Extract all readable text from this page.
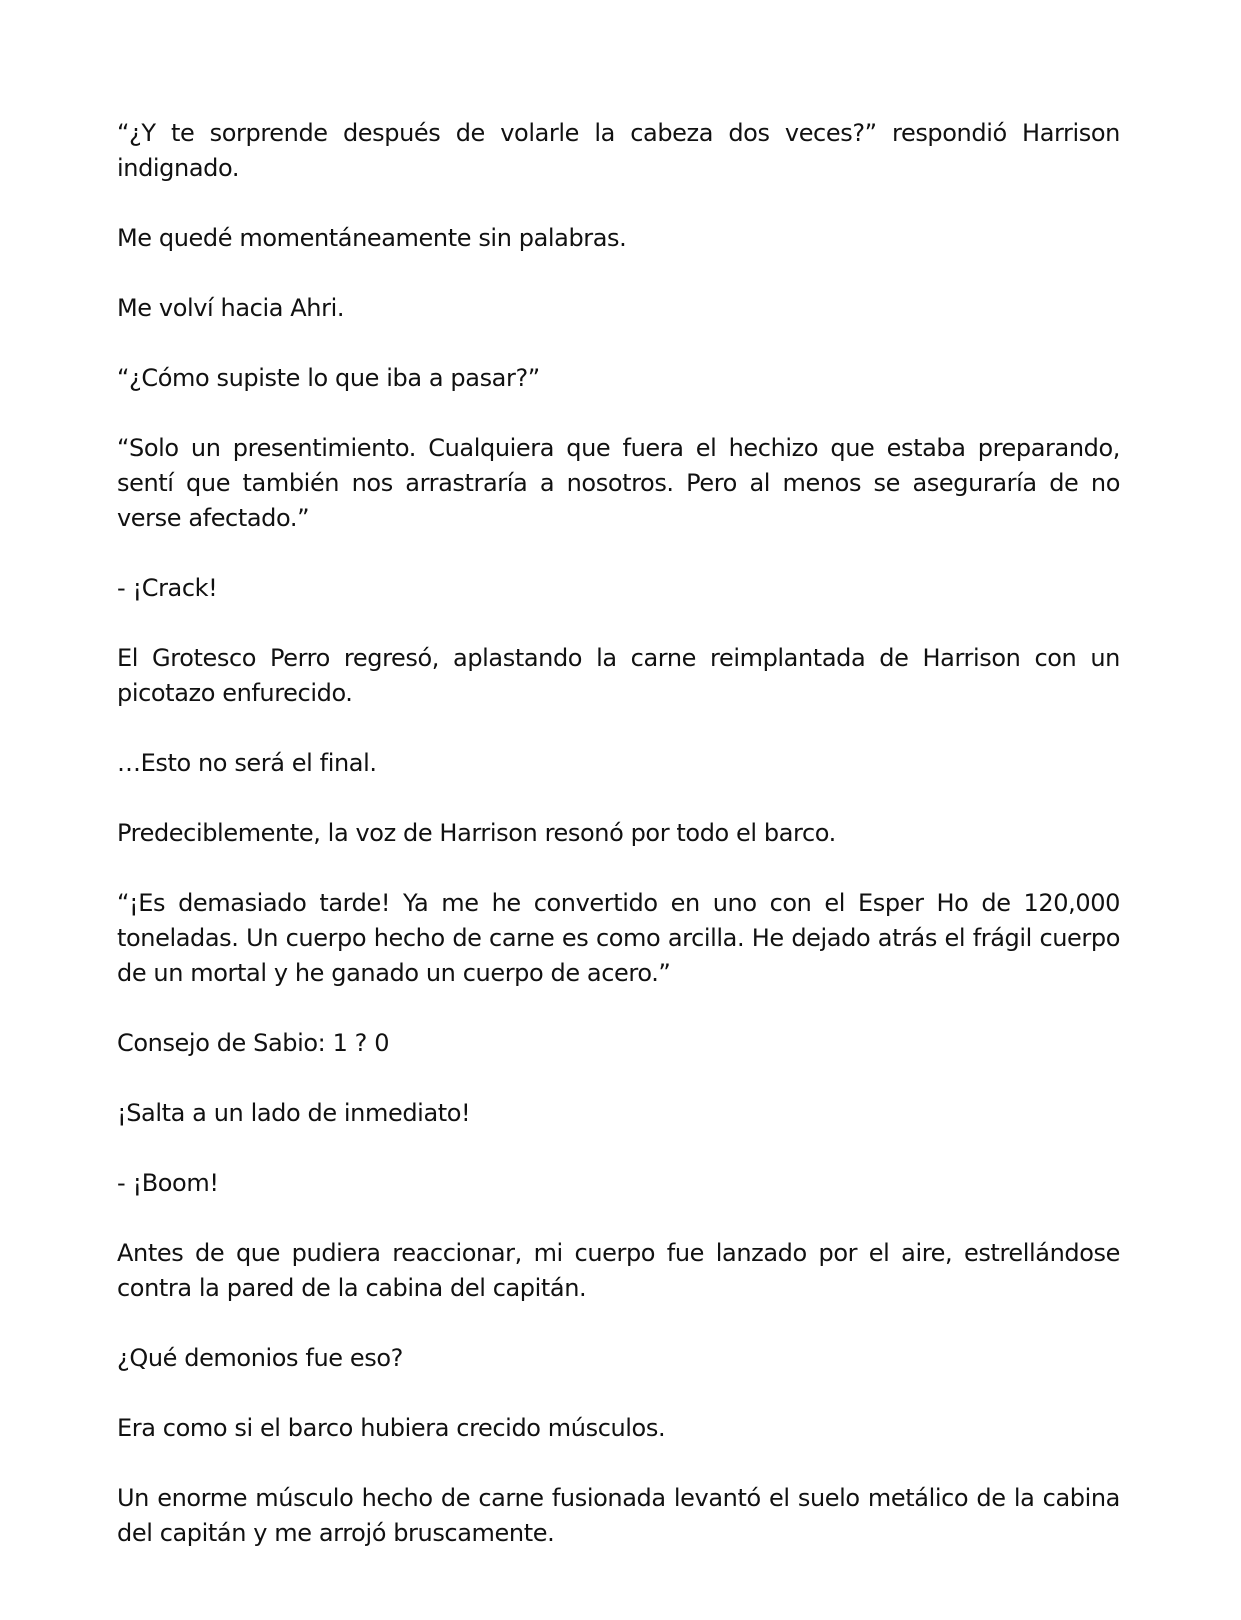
“¿Y te sorprende después de volarle la cabeza dos veces?” respondió Harrison indignado.

Me quedé momentáneamente sin palabras.

Me volví hacia Ahri.

“¿Cómo supiste lo que iba a pasar?”

“Solo un presentimiento. Cualquiera que fuera el hechizo que estaba preparando, sentí que también nos arrastraría a nosotros. Pero al menos se aseguraría de no verse afectado.”

- ¡Crack!

El Grotesco Perro regresó, aplastando la carne reimplantada de Harrison con un picotazo enfurecido.

…Esto no será el final.

Predeciblemente, la voz de Harrison resonó por todo el barco.

“¡Es demasiado tarde! Ya me he convertido en uno con el Esper Ho de 120,000 toneladas. Un cuerpo hecho de carne es como arcilla. He dejado atrás el frágil cuerpo de un mortal y he ganado un cuerpo de acero.”

Consejo de Sabio: 1 ? 0

¡Salta a un lado de inmediato!

- ¡Boom!

Antes de que pudiera reaccionar, mi cuerpo fue lanzado por el aire, estrellándose contra la pared de la cabina del capitán.

¿Qué demonios fue eso?

Era como si el barco hubiera crecido músculos.

Un enorme músculo hecho de carne fusionada levantó el suelo metálico de la cabina del capitán y me arrojó bruscamente.
